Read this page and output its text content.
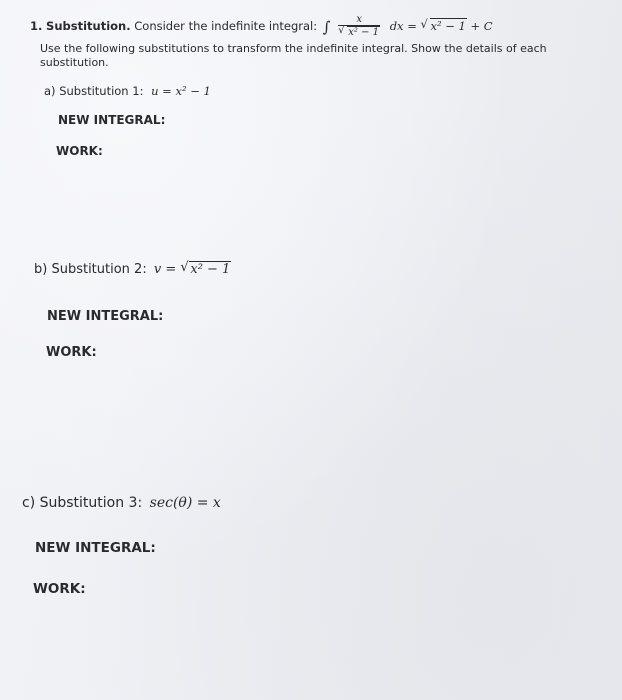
1. Substitution. Consider the indefinite integral: ∫ $\frac{x}{\text{√ x² − 1}}$ dx = √ x² − 1 + C
Use the following substitutions to transform the indefinite integral. Show the details of each substitution.
a) Substitution 1: u = x² − 1
NEW INTEGRAL:
WORK:
b) Substitution 2: v = √ x² − 1
NEW INTEGRAL:
WORK:
c) Substitution 3: sec(θ) = x
NEW INTEGRAL:
WORK:
